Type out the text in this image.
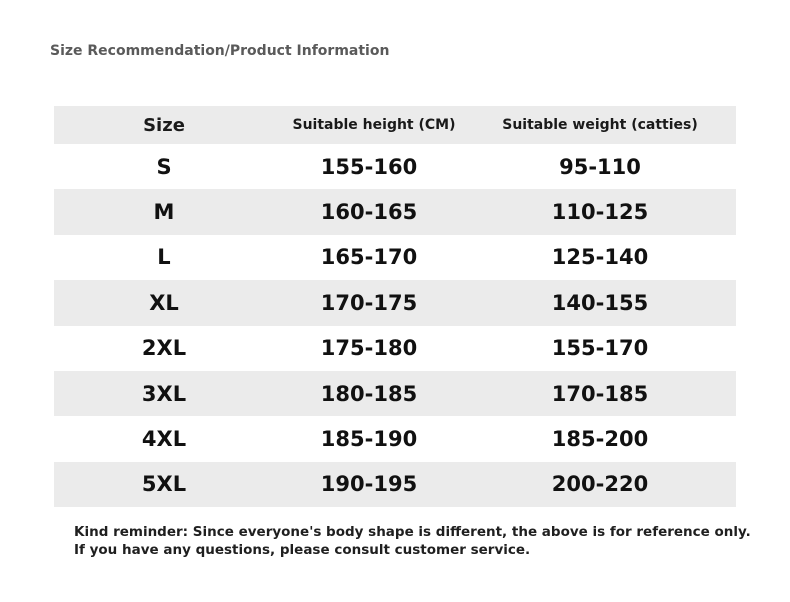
Size Recommendation/Product Information
Size	Suitable height (CM)	Suitable weight (catties)
S	155-160	95-110
M	160-165	110-125
L	165-170	125-140
XL	170-175	140-155
2XL	175-180	155-170
3XL	180-185	170-185
4XL	185-190	185-200
5XL	190-195	200-220
Kind reminder: Since everyone's body shape is different, the above is for reference only.
If you have any questions, please consult customer service.
